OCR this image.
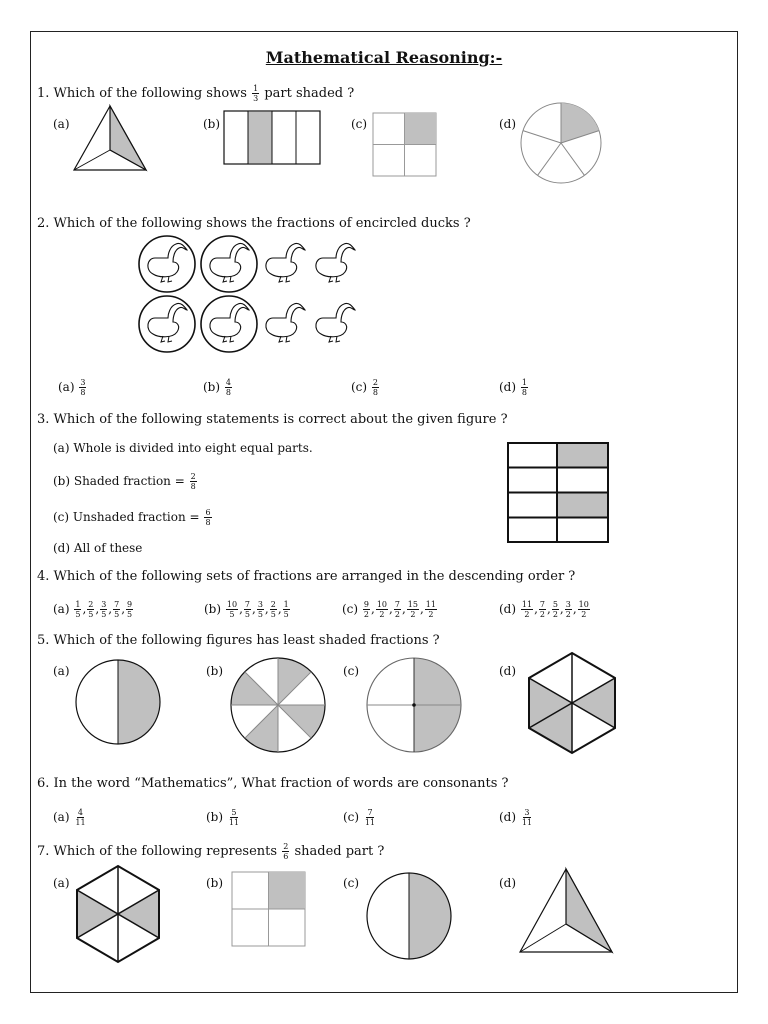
Mathematical Reasoning:-
1. Which of the following shows $\frac{1}{3}$ part shaded ?
(a)	(b)	(c)	(d)
2. Which of the following shows the fractions of encircled ducks ?
$(a) \frac{3}{8}$	$(b) \frac{4}{8}$	$(c) \frac{2}{8}$	$(d) \frac{1}{8}$
3. Which of the following statements is correct about the given figure ?
(a) Whole is divided into eight equal parts.
(b) Shaded fraction = $\frac{2}{8}$
(c) Unshaded fraction = $\frac{6}{8}$
(d) All of these
4. Which of the following sets of fractions are arranged in the descending order ?
$(a) \frac{1}{5}$ , $\frac{2}{5}$ , $\frac{3}{5}$ , $\frac{7}{5}$ , $\frac{9}{5}$	$(b) \frac{10}{5}$ , $\frac{7}{5}$ , $\frac{3}{5}$ , $\frac{2}{5}$ , $\frac{1}{5}$	$(c) \frac{9}{2}$ , $\frac{10}{2}$ , $\frac{7}{2}$ , $\frac{15}{2}$ , $\frac{11}{2}$	$(d) \frac{11}{2}$ , $\frac{7}{2}$ , $\frac{5}{2}$ , $\frac{3}{2}$ , $\frac{10}{2}$
5. Which of the following figures has least shaded fractions ?
(a)	(b)	(c)	(d)
6. In the word “Mathematics”, What fraction of words are consonants ?
$(a) \frac{4}{11}$	$(b) \frac{5}{11}$	$(c) \frac{7}{11}$	$(d) \frac{3}{11}$
7. Which of the following represents $\frac{2}{6}$ shaded part ?
(a)	(b)	(c)	(d)
